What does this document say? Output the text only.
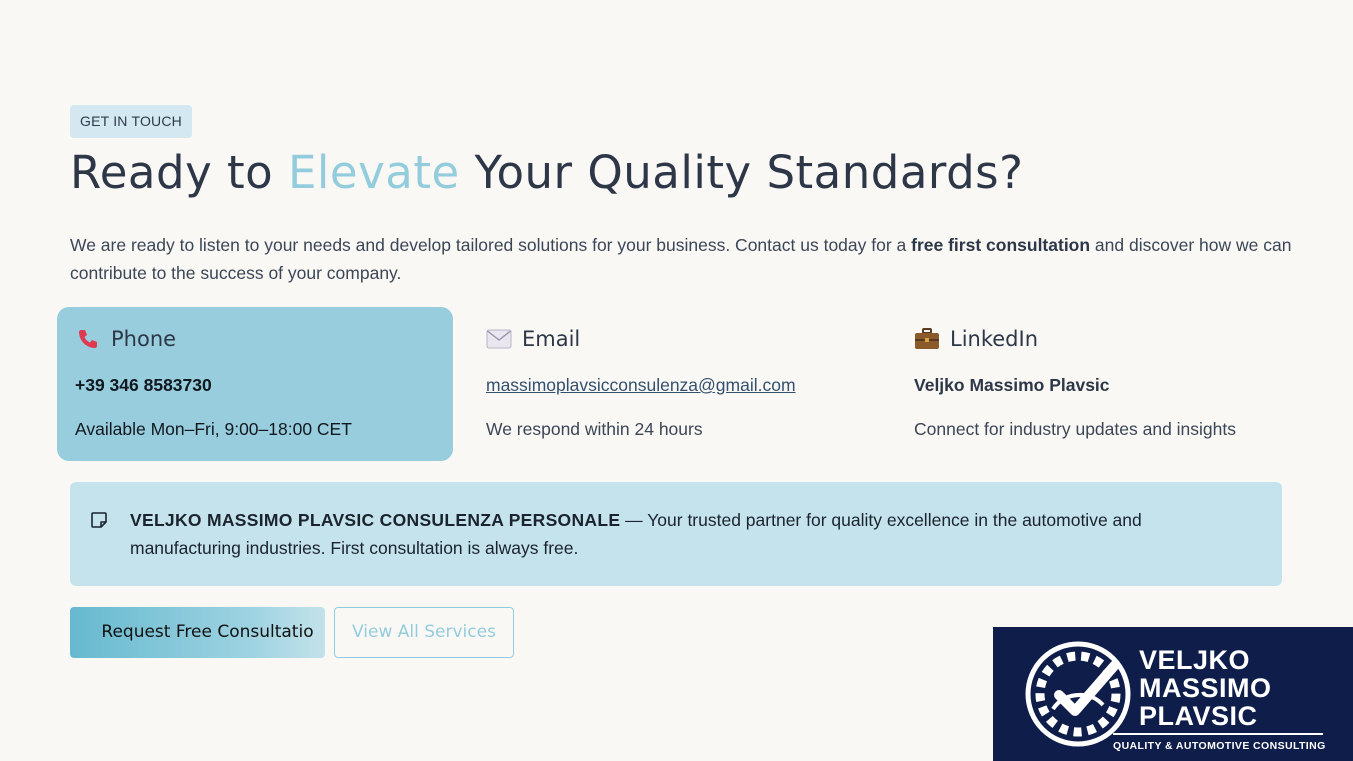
GET IN TOUCH
Ready to Elevate Your Quality Standards?

We are ready to listen to your needs and develop tailored solutions for your business. Contact us today for a free first consultation and discover how we can contribute to the success of your company.

Phone
+39 346 8583730
Available Mon–Fri, 9:00–18:00 CET
Email
massimoplavsicconsulenza@gmail.com
We respond within 24 hours
LinkedIn
Veljko Massimo Plavsic
Connect for industry updates and insights
VELJKO MASSIMO PLAVSIC CONSULENZA PERSONALE — Your trusted partner for quality excellence in the automotive and manufacturing industries. First consultation is always free.
Request Free Consultatio	View All Services
VELJKO
MASSIMO
PLAVSIC
QUALITY & AUTOMOTIVE CONSULTING
